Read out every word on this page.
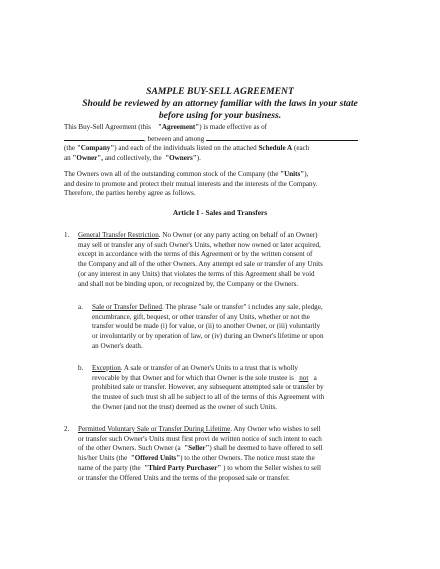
SAMPLE BUY-SELL AGREEMENT
Should be reviewed by an attorney familiar with the laws in your state
before using for your business.
This Buy-Sell Agreement (this "Agreement") is made effective as of
, between and among
(the "Company") and each of the individuals listed on the attached Schedule A (each
an "Owner", and collectively, the "Owners").
The Owners own all of the outstanding common stock of the Company (the "Units"),
and desire to promote and protect their mutual interests and the interests of the Company.
Therefore, the parties hereby agree as follows.
Article I - Sales and Transfers
1. General Transfer Restriction. No Owner (or any party acting on behalf of an Owner)
may sell or transfer any of such Owner's Units, whether now owned or later acquired,
except in accordance with the terms of this Agreement or by the written consent of
the Company and all of the other Owners. Any attempt ed sale or transfer of any Units
(or any interest in any Units) that violates the terms of this Agreement shall be void
and shall not be binding upon, or recognized by, the Company or the Owners.
a. Sale or Transfer Defined. The phrase "sale or transfer" i ncludes any sale, pledge,
encumbrance, gift, bequest, or other transfer of any Units, whether or not the
transfer would be made (i) for value, or (ii) to another Owner, or (iii) voluntarily
or involuntarily or by operation of law, or (iv) during an Owner's lifetime or upon
an Owner's death.
b. Exception. A sale or transfer of an Owner's Units to a trust that is wholly
revocable by that Owner and for which that Owner is the sole trustee is not a
prohibited sale or transfer. However, any subsequent attempted sale or transfer by
the trustee of such trust sh all be subject to all of the terms of this Agreement with
the Owner (and not the trust) deemed as the owner of such Units.
2. Permitted Voluntary Sale or Transfer During Lifetime. Any Owner who wishes to sell
or transfer such Owner's Units must first provi de written notice of such intent to each
of the other Owners. Such Owner (a "Seller") shall be deemed to have offered to sell
his/her Units (the "Offered Units") to the other Owners. The notice must state the
name of the party (the "Third Party Purchaser" ) to whom the Seller wishes to sell
or transfer the Offered Units and the terms of the proposed sale or transfer.
